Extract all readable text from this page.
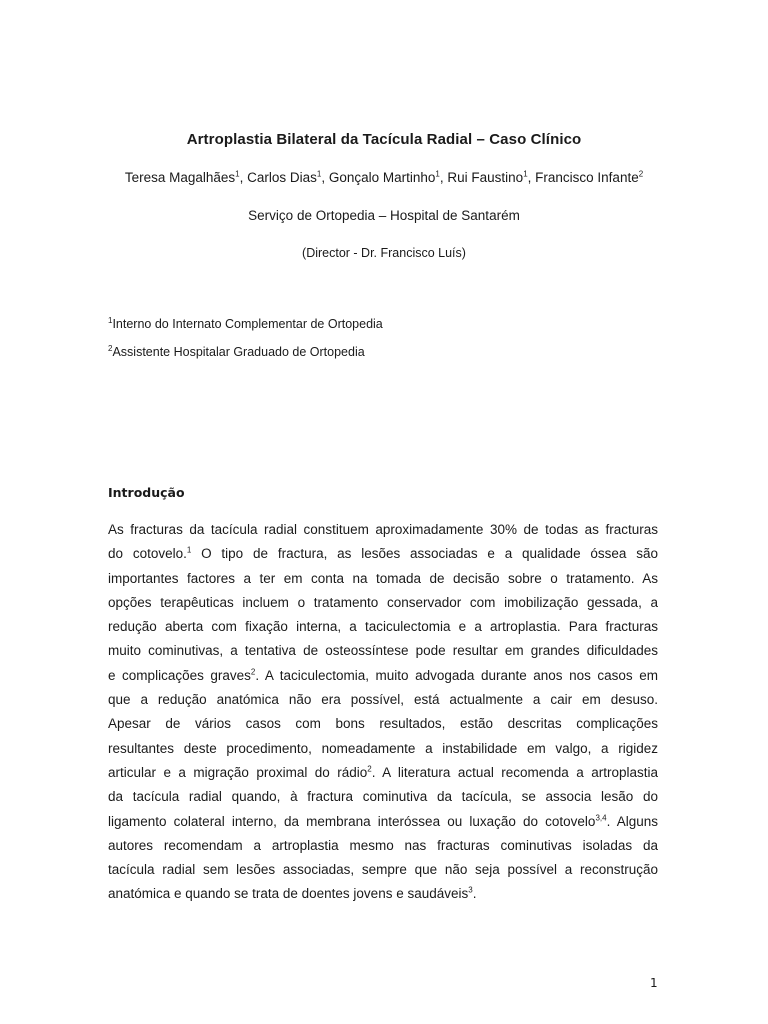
Artroplastia Bilateral da Tacícula Radial – Caso Clínico
Teresa Magalhães$^1$, Carlos Dias$^1$, Gonçalo Martinho$^1$, Rui Faustino$^1$, Francisco Infante$^2$
Serviço de Ortopedia – Hospital de Santarém
(Director - Dr. Francisco Luís)
$^1$Interno do Internato Complementar de Ortopedia
$^2$Assistente Hospitalar Graduado de Ortopedia
Introdução
As fracturas da tacícula radial constituem aproximadamente 30% de todas as fracturas
do cotovelo.$^1$ O tipo de fractura, as lesões associadas e a qualidade óssea são
importantes factores a ter em conta na tomada de decisão sobre o tratamento. As
opções terapêuticas incluem o tratamento conservador com imobilização gessada, a
redução aberta com fixação interna, a taciculectomia e a artroplastia. Para fracturas
muito cominutivas, a tentativa de osteossíntese pode resultar em grandes dificuldades
e complicações graves$^2$. A taciculectomia, muito advogada durante anos nos casos em
que a redução anatómica não era possível, está actualmente a cair em desuso.
Apesar de vários casos com bons resultados, estão descritas complicações
resultantes deste procedimento, nomeadamente a instabilidade em valgo, a rigidez
articular e a migração proximal do rádio$^2$. A literatura actual recomenda a artroplastia
da tacícula radial quando, à fractura cominutiva da tacícula, se associa lesão do
ligamento colateral interno, da membrana interóssea ou luxação do cotovelo$^{3,4}$. Alguns
autores recomendam a artroplastia mesmo nas fracturas cominutivas isoladas da
tacícula radial sem lesões associadas, sempre que não seja possível a reconstrução
anatómica e quando se trata de doentes jovens e saudáveis$^3$.
1
